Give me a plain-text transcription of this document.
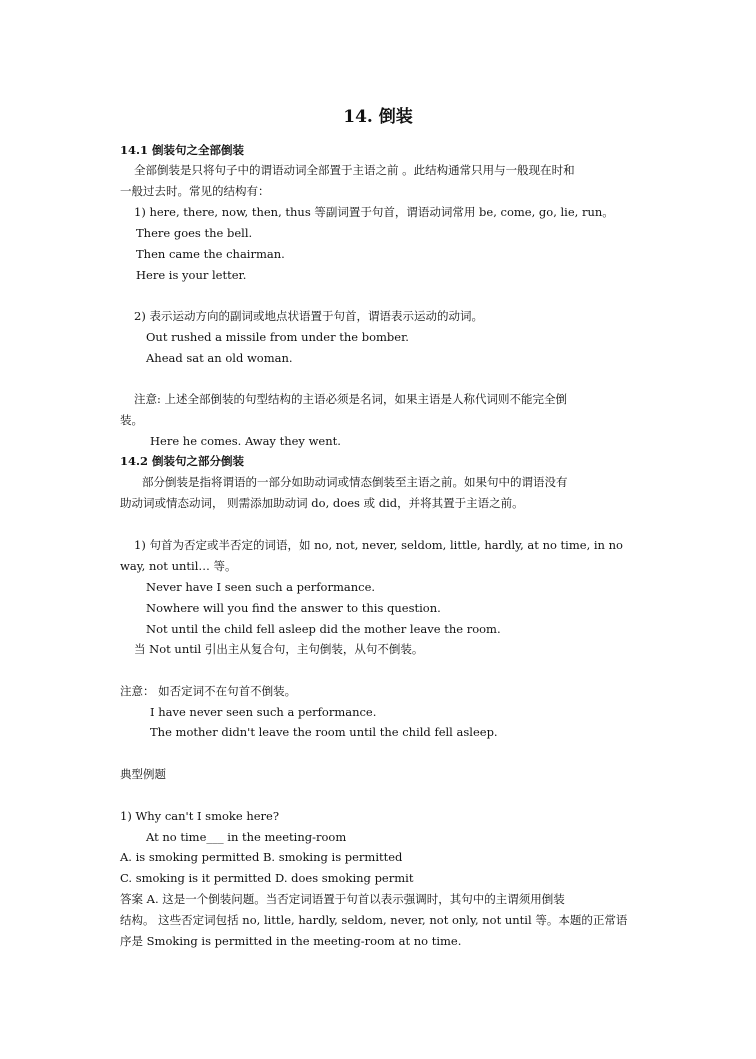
14. 倒装
14.1 倒装句之全部倒装
全部倒装是只将句子中的谓语动词全部置于主语之前 。此结构通常只用与一般现在时和
一般过去时。常见的结构有：
1) here, there, now, then, thus 等副词置于句首，谓语动词常用 be, come, go, lie, run。
There goes the bell.
Then came the chairman.
Here is your letter.
2) 表示运动方向的副词或地点状语置于句首，谓语表示运动的动词。
Out rushed a missile from under the bomber.
Ahead sat an old woman.
注意: 上述全部倒装的句型结构的主语必须是名词，如果主语是人称代词则不能完全倒
装。
Here he comes. Away they went.
14.2 倒装句之部分倒装
部分倒装是指将谓语的一部分如助动词或情态倒装至主语之前。如果句中的谓语没有
助动词或情态动词， 则需添加助动词 do, does 或 did，并将其置于主语之前。
1) 句首为否定或半否定的词语，如 no, not, never, seldom, little, hardly, at no time, in no
way, not until… 等。
Never have I seen such a performance.
Nowhere will you find the answer to this question.
Not until the child fell asleep did the mother leave the room.
当 Not until 引出主从复合句，主句倒装，从句不倒装。
注意： 如否定词不在句首不倒装。
I have never seen such a performance.
The mother didn't leave the room until the child fell asleep.
典型例题
1) Why can't I smoke here?
At no time___ in the meeting-room
A. is smoking permitted B. smoking is permitted
C. smoking is it permitted D. does smoking permit
答案 A. 这是一个倒装问题。当否定词语置于句首以表示强调时，其句中的主谓须用倒装
结构。 这些否定词包括 no, little, hardly, seldom, never, not only, not until 等。本题的正常语
序是 Smoking is permitted in the meeting-room at no time.
